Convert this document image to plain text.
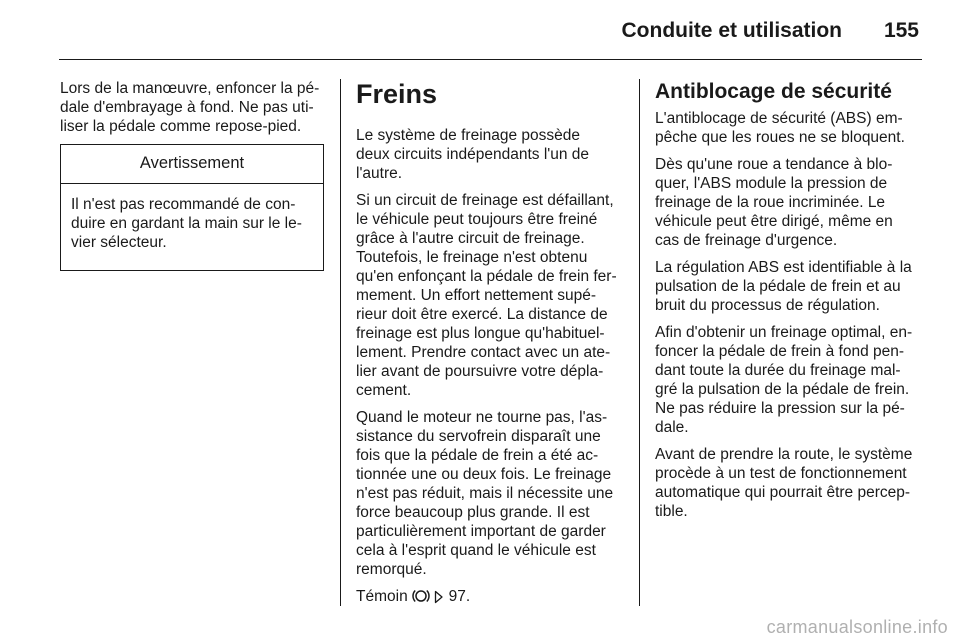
Conduite et utilisation 155

Lors de la manœuvre, enfoncer la pé-
dale d'embrayage à fond. Ne pas uti-
liser la pédale comme repose-pied.

Avertissement

Il n'est pas recommandé de con-
duire en gardant la main sur le le-
vier sélecteur.

Freins

Le système de freinage possède
deux circuits indépendants l'un de
l'autre.

Si un circuit de freinage est défaillant,
le véhicule peut toujours être freiné
grâce à l'autre circuit de freinage.
Toutefois, le freinage n'est obtenu
qu'en enfonçant la pédale de frein fer-
mement. Un effort nettement supé-
rieur doit être exercé. La distance de
freinage est plus longue qu'habituel-
lement. Prendre contact avec un ate-
lier avant de poursuivre votre dépla-
cement.

Quand le moteur ne tourne pas, l'as-
sistance du servofrein disparaît une
fois que la pédale de frein a été ac-
tionnée une ou deux fois. Le freinage
n'est pas réduit, mais il nécessite une
force beaucoup plus grande. Il est
particulièrement important de garder
cela à l'esprit quand le véhicule est
remorqué.

Témoin	97.

Antiblocage de sécurité

L'antiblocage de sécurité (ABS) em-
pêche que les roues ne se bloquent.

Dès qu'une roue a tendance à blo-
quer, l'ABS module la pression de
freinage de la roue incriminée. Le
véhicule peut être dirigé, même en
cas de freinage d'urgence.

La régulation ABS est identifiable à la
pulsation de la pédale de frein et au
bruit du processus de régulation.

Afin d'obtenir un freinage optimal, en-
foncer la pédale de frein à fond pen-
dant toute la durée du freinage mal-
gré la pulsation de la pédale de frein.
Ne pas réduire la pression sur la pé-
dale.

Avant de prendre la route, le système
procède à un test de fonctionnement
automatique qui pourrait être percep-
tible.

carmanualsonline.info
